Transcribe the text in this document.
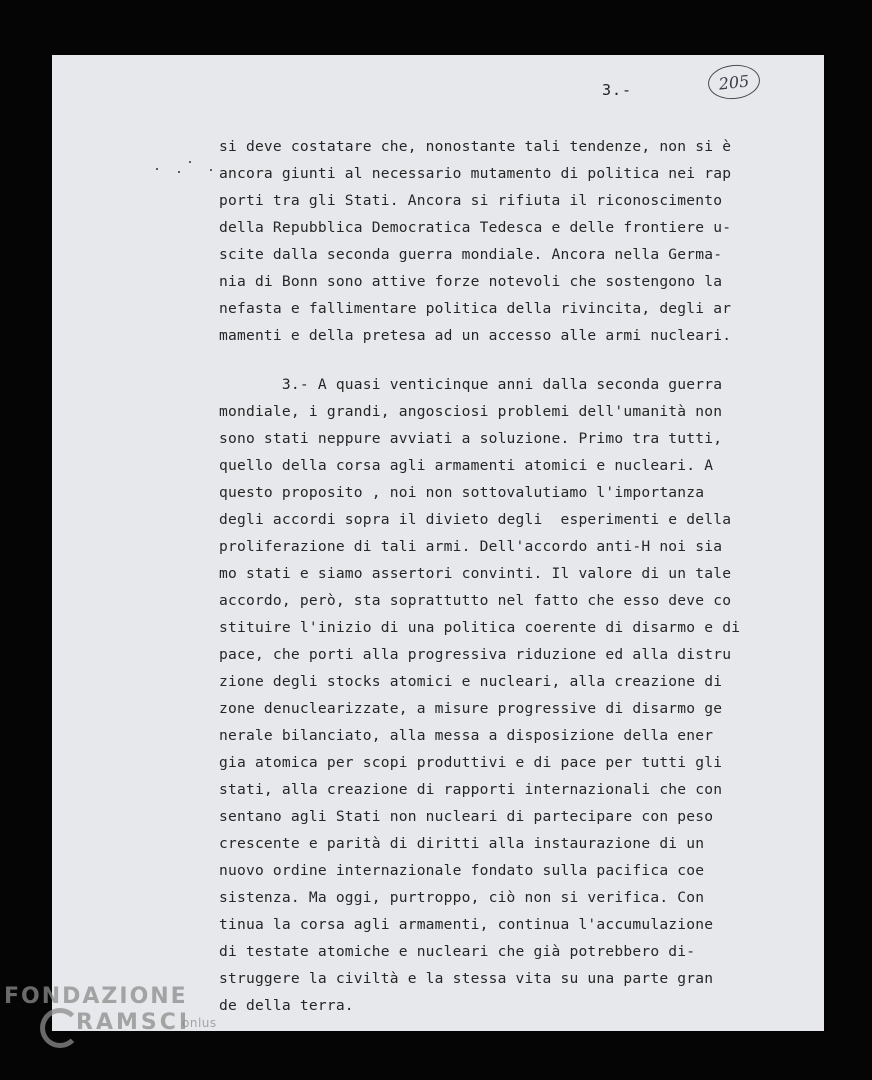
3.-	205
si deve costatare che, nonostante tali tendenze, non si è
ancora giunti al necessario mutamento di politica nei rap
porti tra gli Stati. Ancora si rifiuta il riconoscimento
della Repubblica Democratica Tedesca e delle frontiere u-
scite dalla seconda guerra mondiale. Ancora nella Germa-
nia di Bonn sono attive forze notevoli che sostengono la
nefasta e fallimentare politica della rivincita, degli ar
mamenti e della pretesa ad un accesso alle armi nucleari.
3.- A quasi venticinque anni dalla seconda guerra
mondiale, i grandi, angosciosi problemi dell'umanità non
sono stati neppure avviati a soluzione. Primo tra tutti,
quello della corsa agli armamenti atomici e nucleari. A
questo proposito , noi non sottovalutiamo l'importanza
degli accordi sopra il divieto degli  esperimenti e della
proliferazione di tali armi. Dell'accordo anti-H noi sia
mo stati e siamo assertori convinti. Il valore di un tale
accordo, però, sta soprattutto nel fatto che esso deve co
stituire l'inizio di una politica coerente di disarmo e di
pace, che porti alla progressiva riduzione ed alla distru
zione degli stocks atomici e nucleari, alla creazione di
zone denuclearizzate, a misure progressive di disarmo ge
nerale bilanciato, alla messa a disposizione della ener
gia atomica per scopi produttivi e di pace per tutti gli
stati, alla creazione di rapporti internazionali che con
sentano agli Stati non nucleari di partecipare con peso
crescente e parità di diritti alla instaurazione di un
nuovo ordine internazionale fondato sulla pacifica coe
sistenza. Ma oggi, purtroppo, ciò non si verifica. Con
tinua la corsa agli armamenti, continua l'accumulazione
di testate atomiche e nucleari che già potrebbero di-
struggere la civiltà e la stessa vita su una parte gran
de della terra.
FONDAZIONE
RAMSCI
onlus
